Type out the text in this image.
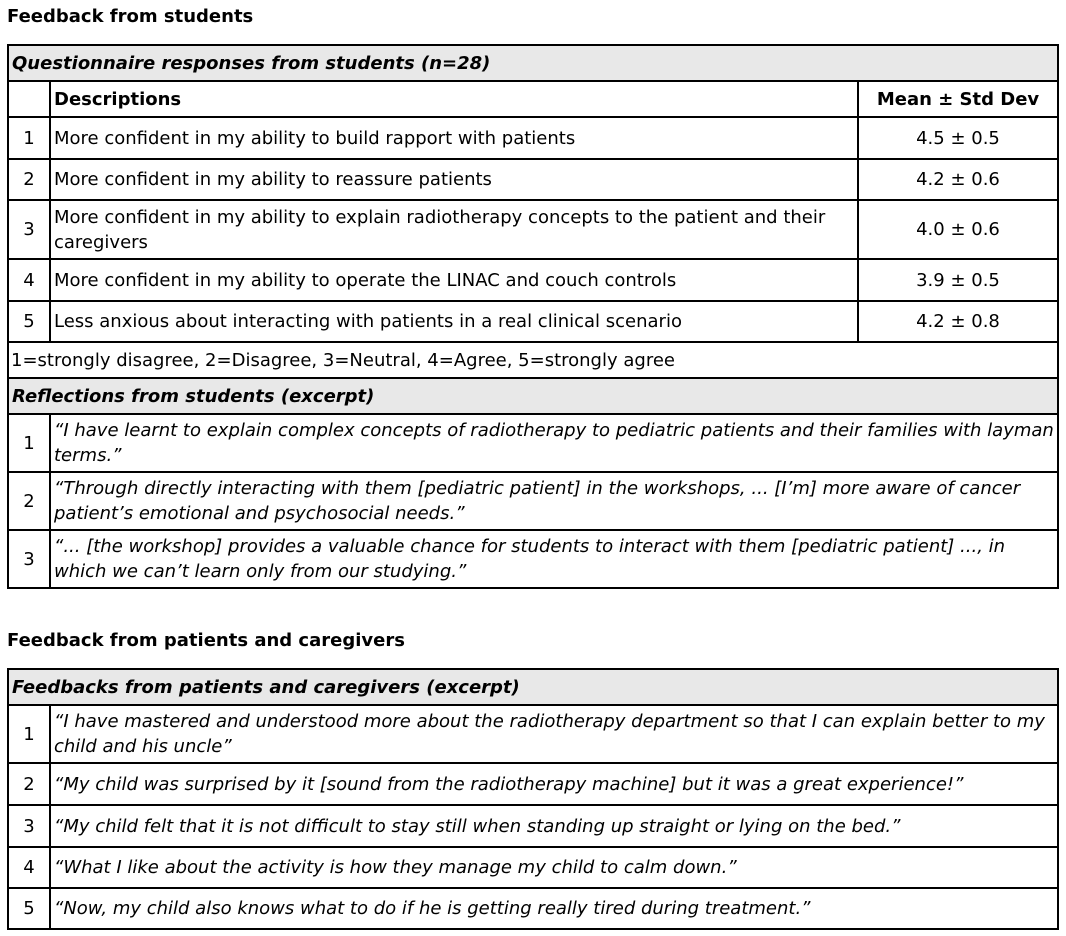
Feedback from students
Questionnaire responses from students (n=28)		
	Descriptions	Mean ± Std Dev
1	More confident in my ability to build rapport with patients	4.5 ± 0.5
2	More confident in my ability to reassure patients	4.2 ± 0.6
3	More confident in my ability to explain radiotherapy concepts to the patient and their caregivers	4.0 ± 0.6
4	More confident in my ability to operate the LINAC and couch controls	3.9 ± 0.5
5	Less anxious about interacting with patients in a real clinical scenario	4.2 ± 0.8
1=strongly disagree, 2=Disagree, 3=Neutral, 4=Agree, 5=strongly agree		
Reflections from students (excerpt)		
1	“I have learnt to explain complex concepts of radiotherapy to pediatric patients and their families with layman terms.”	
2	“Through directly interacting with them [pediatric patient] in the workshops, ... [I’m] more aware of cancer patient’s emotional and psychosocial needs.”	
3	“... [the workshop] provides a valuable chance for students to interact with them [pediatric patient] ..., in which we can’t learn only from our studying.”	
Feedback from patients and caregivers
Feedbacks from patients and caregivers (excerpt)	
1	“I have mastered and understood more about the radiotherapy department so that I can explain better to my child and his uncle”
2	“My child was surprised by it [sound from the radiotherapy machine] but it was a great experience!”
3	“My child felt that it is not difficult to stay still when standing up straight or lying on the bed.”
4	“What I like about the activity is how they manage my child to calm down.”
5	“Now, my child also knows what to do if he is getting really tired during treatment.”
